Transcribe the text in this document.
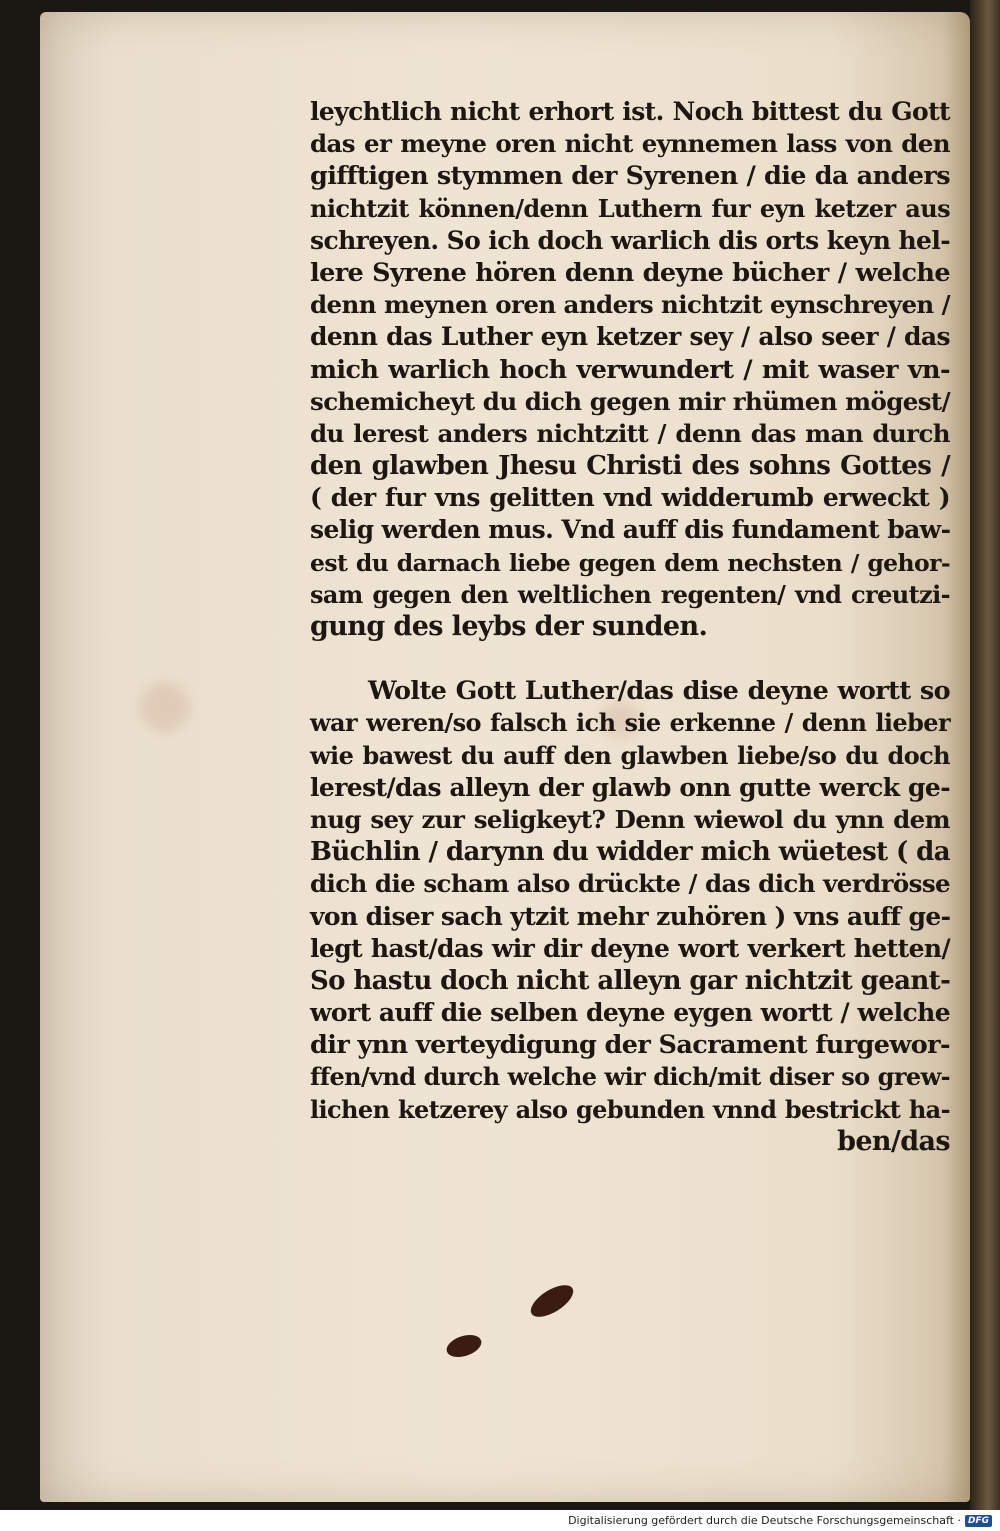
leychtlich nicht erhort ist. Noch bittest du Gott
das er meyne oren nicht eynnemen lass von den
gifftigen stymmen der Syrenen / die da anders
nichtzit können/denn Luthern fur eyn ketzer aus
schreyen. So ich doch warlich dis orts keyn hel-
lere Syrene hören denn deyne bücher / welche
denn meynen oren anders nichtzit eynschreyen /
denn das Luther eyn ketzer sey / also seer / das
mich warlich hoch verwundert / mit waser vn-
schemicheyt du dich gegen mir rhümen mögest/
du lerest anders nichtzitt / denn das man durch
den glawben Jhesu Christi des sohns Gottes /
( der fur vns gelitten vnd widderumb erweckt )
selig werden mus. Vnd auff dis fundament baw-
est du darnach liebe gegen dem nechsten / gehor-
sam gegen den weltlichen regenten/ vnd creutzi-
gung des leybs der sunden.
Wolte Gott Luther/das dise deyne wortt so
war weren/so falsch ich sie erkenne / denn lieber
wie bawest du auff den glawben liebe/so du doch
lerest/das alleyn der glawb onn gutte werck ge-
nug sey zur seligkeyt? Denn wiewol du ynn dem
Büchlin / darynn du widder mich wüetest ( da
dich die scham also drückte / das dich verdrösse
von diser sach ytzit mehr zuhören ) vns auff ge-
legt hast/das wir dir deyne wort verkert hetten/
So hastu doch nicht alleyn gar nichtzit geant-
wort auff die selben deyne eygen wortt / welche
dir ynn verteydigung der Sacrament furgewor-
ffen/vnd durch welche wir dich/mit diser so grew-
lichen ketzerey also gebunden vnnd bestrickt ha-
ben/das
Digitalisierung gefördert durch die Deutsche Forschungsgemeinschaft · DFG
